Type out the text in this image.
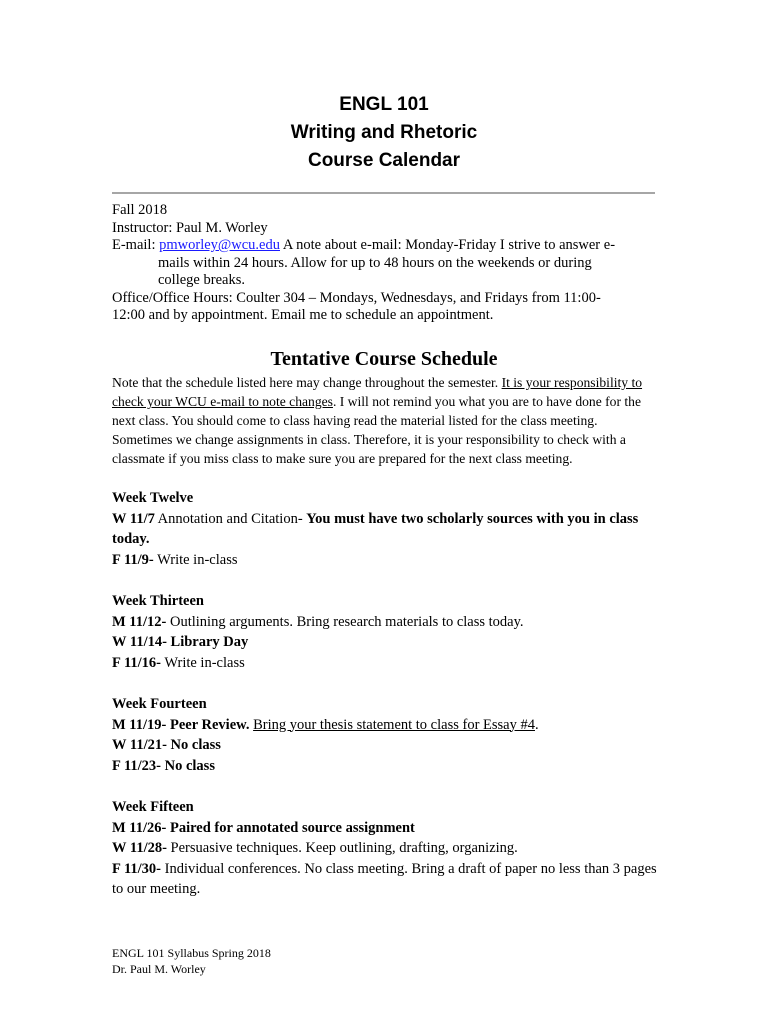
ENGL 101
Writing and Rhetoric
Course Calendar
Fall 2018
Instructor: Paul M. Worley
E-mail: pmworley@wcu.edu A note about e-mail: Monday-Friday I strive to answer e-
mails within 24 hours. Allow for up to 48 hours on the weekends or during
college breaks.
Office/Office Hours: Coulter 304 – Mondays, Wednesdays, and Fridays from 11:00-
12:00 and by appointment. Email me to schedule an appointment.
Tentative Course Schedule
Note that the schedule listed here may change throughout the semester. It is your responsibility to check your WCU e-mail to note changes. I will not remind you what you are to have done for the next class. You should come to class having read the material listed for the class meeting. Sometimes we change assignments in class. Therefore, it is your responsibility to check with a classmate if you miss class to make sure you are prepared for the next class meeting.
Week Twelve
W 11/7 Annotation and Citation- You must have two scholarly sources with you in class today.
F 11/9- Write in-class
Week Thirteen
M 11/12- Outlining arguments. Bring research materials to class today.
W 11/14- Library Day
F 11/16- Write in-class
Week Fourteen
M 11/19- Peer Review. Bring your thesis statement to class for Essay #4.
W 11/21- No class
F 11/23- No class
Week Fifteen
M 11/26- Paired for annotated source assignment
W 11/28- Persuasive techniques. Keep outlining, drafting, organizing.
F 11/30- Individual conferences. No class meeting. Bring a draft of paper no less than 3 pages to our meeting.
ENGL 101 Syllabus Spring 2018
Dr. Paul M. Worley
